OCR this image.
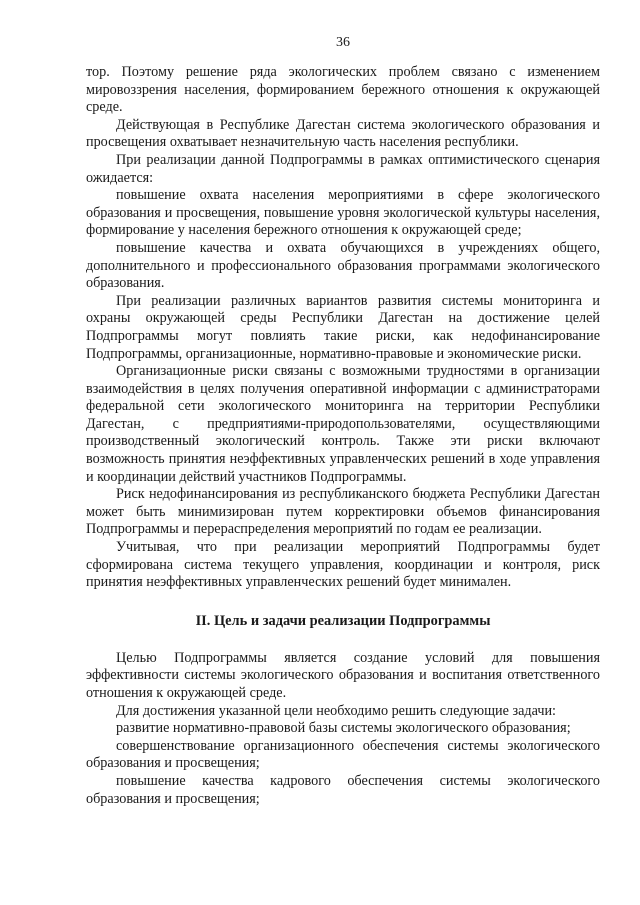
36

тор. Поэтому решение ряда экологических проблем связано с изменением мировоззрения населения, формированием бережного отношения к окружающей среде.

Действующая в Республике Дагестан система экологического образования и просвещения охватывает незначительную часть населения республики.

При реализации данной Подпрограммы в рамках оптимистического сценария ожидается:

повышение охвата населения мероприятиями в сфере экологического образования и просвещения, повышение уровня экологической культуры населения, формирование у населения бережного отношения к окружающей среде;

повышение качества и охвата обучающихся в учреждениях общего, дополнительного и профессионального образования программами экологического образования.

При реализации различных вариантов развития системы мониторинга и охраны окружающей среды Республики Дагестан на достижение целей Подпрограммы могут повлиять такие риски, как недофинансирование Подпрограммы, организационные, нормативно-правовые и экономические риски.

Организационные риски связаны с возможными трудностями в организации взаимодействия в целях получения оперативной информации с администраторами федеральной сети экологического мониторинга на территории Республики Дагестан, с предприятиями-природопользователями, осуществляющими производственный экологический контроль. Также эти риски включают возможность принятия неэффективных управленческих решений в ходе управления и координации действий участников Подпрограммы.

Риск недофинансирования из республиканского бюджета Республики Дагестан может быть минимизирован путем корректировки объемов финансирования Подпрограммы и перераспределения мероприятий по годам ее реализации.

Учитывая, что при реализации мероприятий Подпрограммы будет сформирована система текущего управления, координации и контроля, риск принятия неэффективных управленческих решений будет минимален.

II. Цель и задачи реализации Подпрограммы

Целью Подпрограммы является создание условий для повышения эффективности системы экологического образования и воспитания ответственного отношения к окружающей среде.

Для достижения указанной цели необходимо решить следующие задачи:

развитие нормативно-правовой базы системы экологического образования;

совершенствование организационного обеспечения системы экологического образования и просвещения;

повышение качества кадрового обеспечения системы экологического образования и просвещения;
